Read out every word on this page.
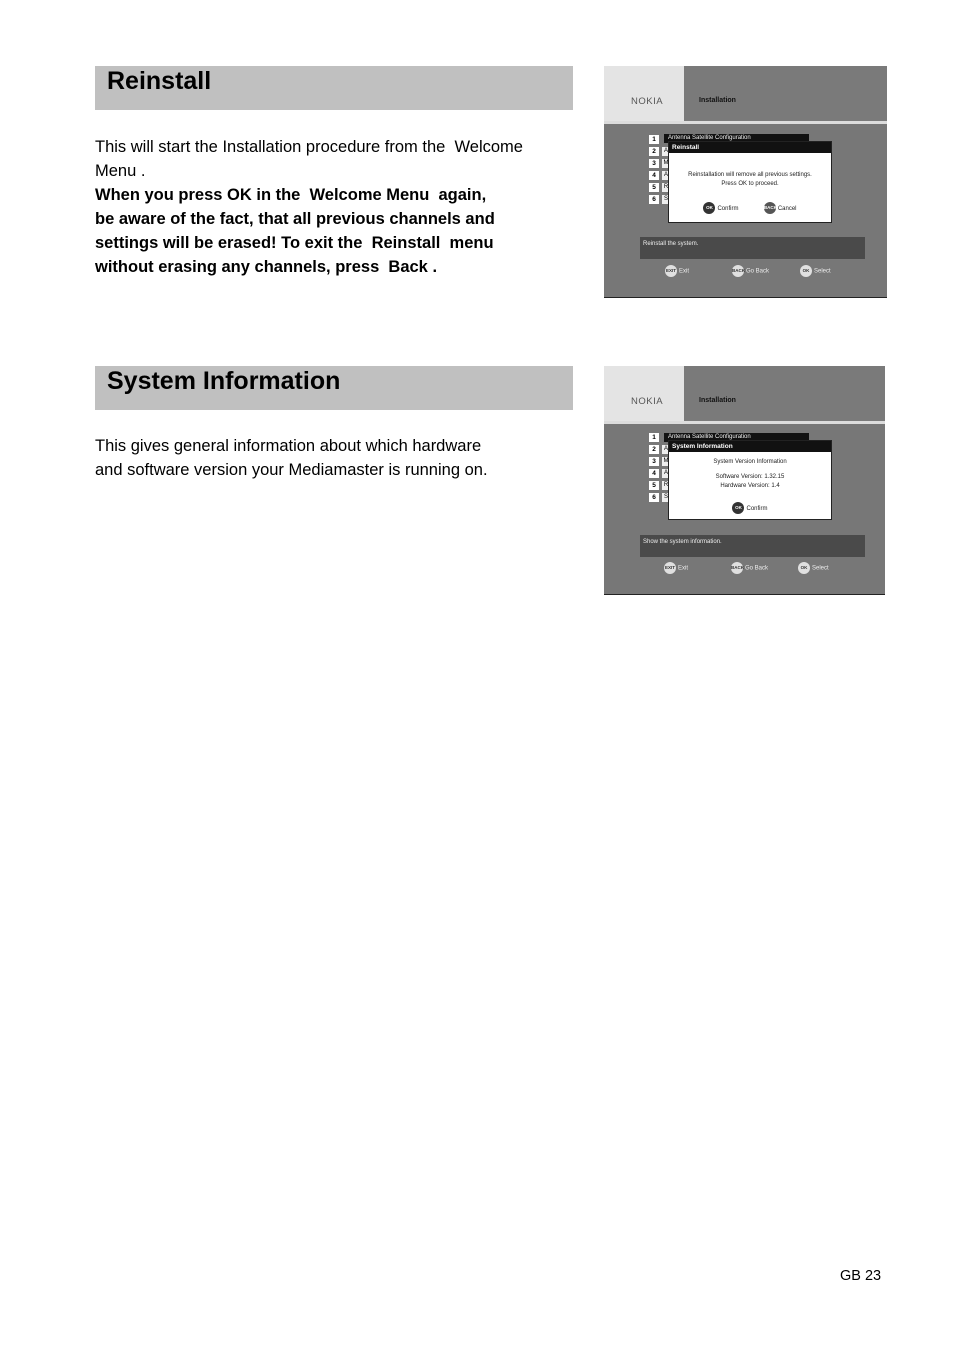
Reinstall
This will start the Installation procedure from the  Welcome
Menu .
When you press OK in the  Welcome Menu  again,
be aware of the fact, that all previous channels and
settings will be erased! To exit the  Reinstall  menu
without erasing any channels, press  Back .
NOKIA	Installation
Antenna Satellite Configuration
1
2
3
4
5
6
A
M
A
R
S
Reinstall
Reinstallation will remove all previous settings.
Press OK to proceed.
OK Confirm	BACKCancel
Reinstall the system.
EXIT Exit	BACKGo Back	OK Select
System Information
This gives general information about which hardware
and software version your Mediamaster is running on.
NOKIA	Installation
Antenna Satellite Configuration
1
2
3
4
5
6
A
M
A
R
S
System Information
System Version Information
Software Version: 1.32.15
Hardware Version: 1.4
OK Confirm
Show the system information.
EXIT Exit	BACKGo Back	OK Select
GB 23
